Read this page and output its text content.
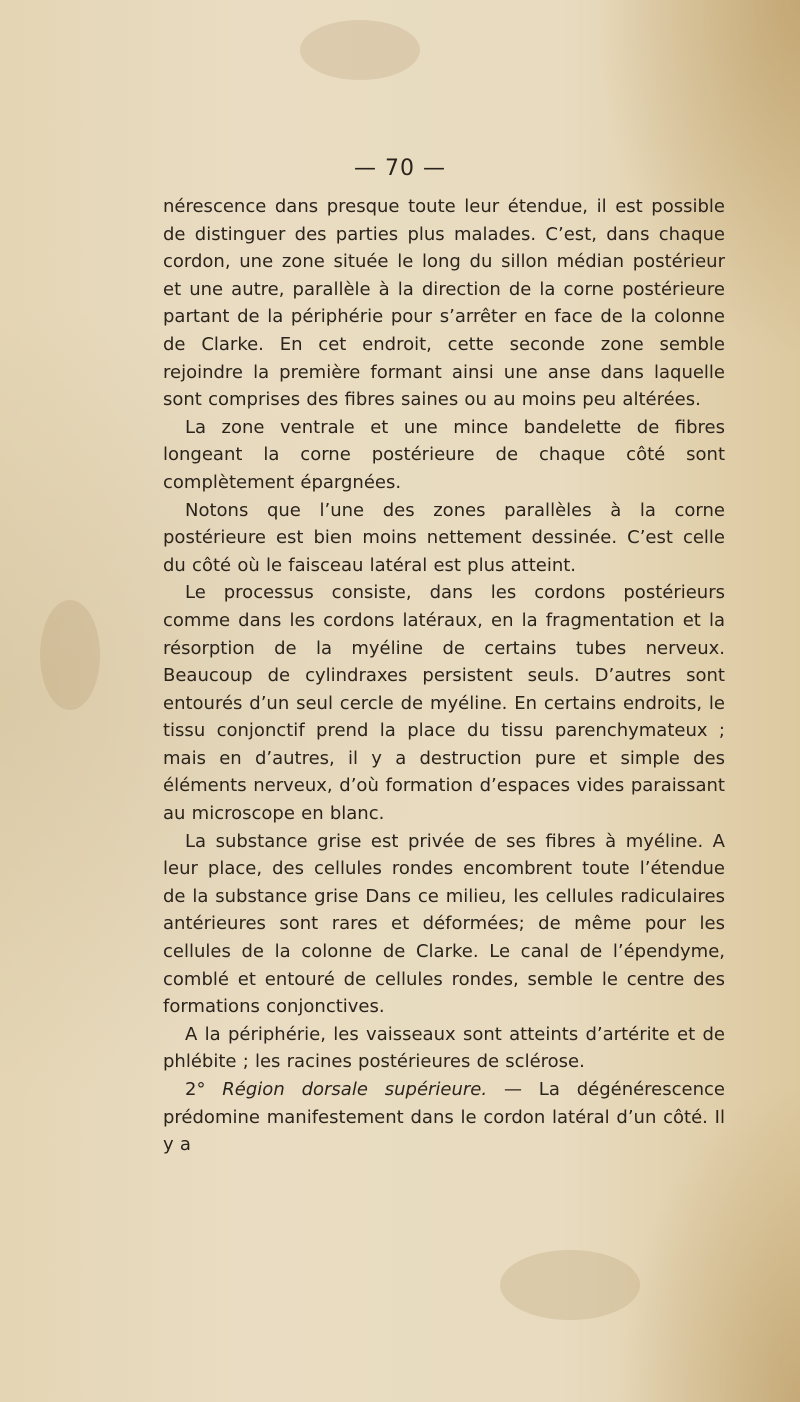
— 70 —

nérescence dans presque toute leur étendue, il est possible de distinguer des parties plus malades. C’est, dans chaque cordon, une zone située le long du sillon médian postérieur et une autre, parallèle à la direction de la corne postérieure partant de la périphérie pour s’arrêter en face de la colonne de Clarke. En cet endroit, cette seconde zone semble rejoindre la première formant ainsi une anse dans laquelle sont comprises des fibres saines ou au moins peu altérées.

La zone ventrale et une mince bandelette de fibres longeant la corne postérieure de chaque côté sont complètement épargnées.

Notons que l’une des zones parallèles à la corne postérieure est bien moins nettement dessinée. C’est celle du côté où le faisceau latéral est plus atteint.

Le processus consiste, dans les cordons postérieurs comme dans les cordons latéraux, en la fragmentation et la résorption de la myéline de certains tubes nerveux. Beaucoup de cylindraxes persistent seuls. D’autres sont entourés d’un seul cercle de myéline. En certains endroits, le tissu conjonctif prend la place du tissu parenchymateux ; mais en d’autres, il y a destruction pure et simple des éléments nerveux, d’où formation d’espaces vides paraissant au microscope en blanc.

La substance grise est privée de ses fibres à myéline. A leur place, des cellules rondes encombrent toute l’étendue de la substance grise Dans ce milieu, les cellules radiculaires antérieures sont rares et déformées; de même pour les cellules de la colonne de Clarke. Le canal de l’épendyme, comblé et entouré de cellules rondes, semble le centre des formations conjonctives.

A la périphérie, les vaisseaux sont atteints d’artérite et de phlébite ; les racines postérieures de sclérose.

2° Région dorsale supérieure. — La dégénérescence prédomine manifestement dans le cordon latéral d’un côté. Il y a
